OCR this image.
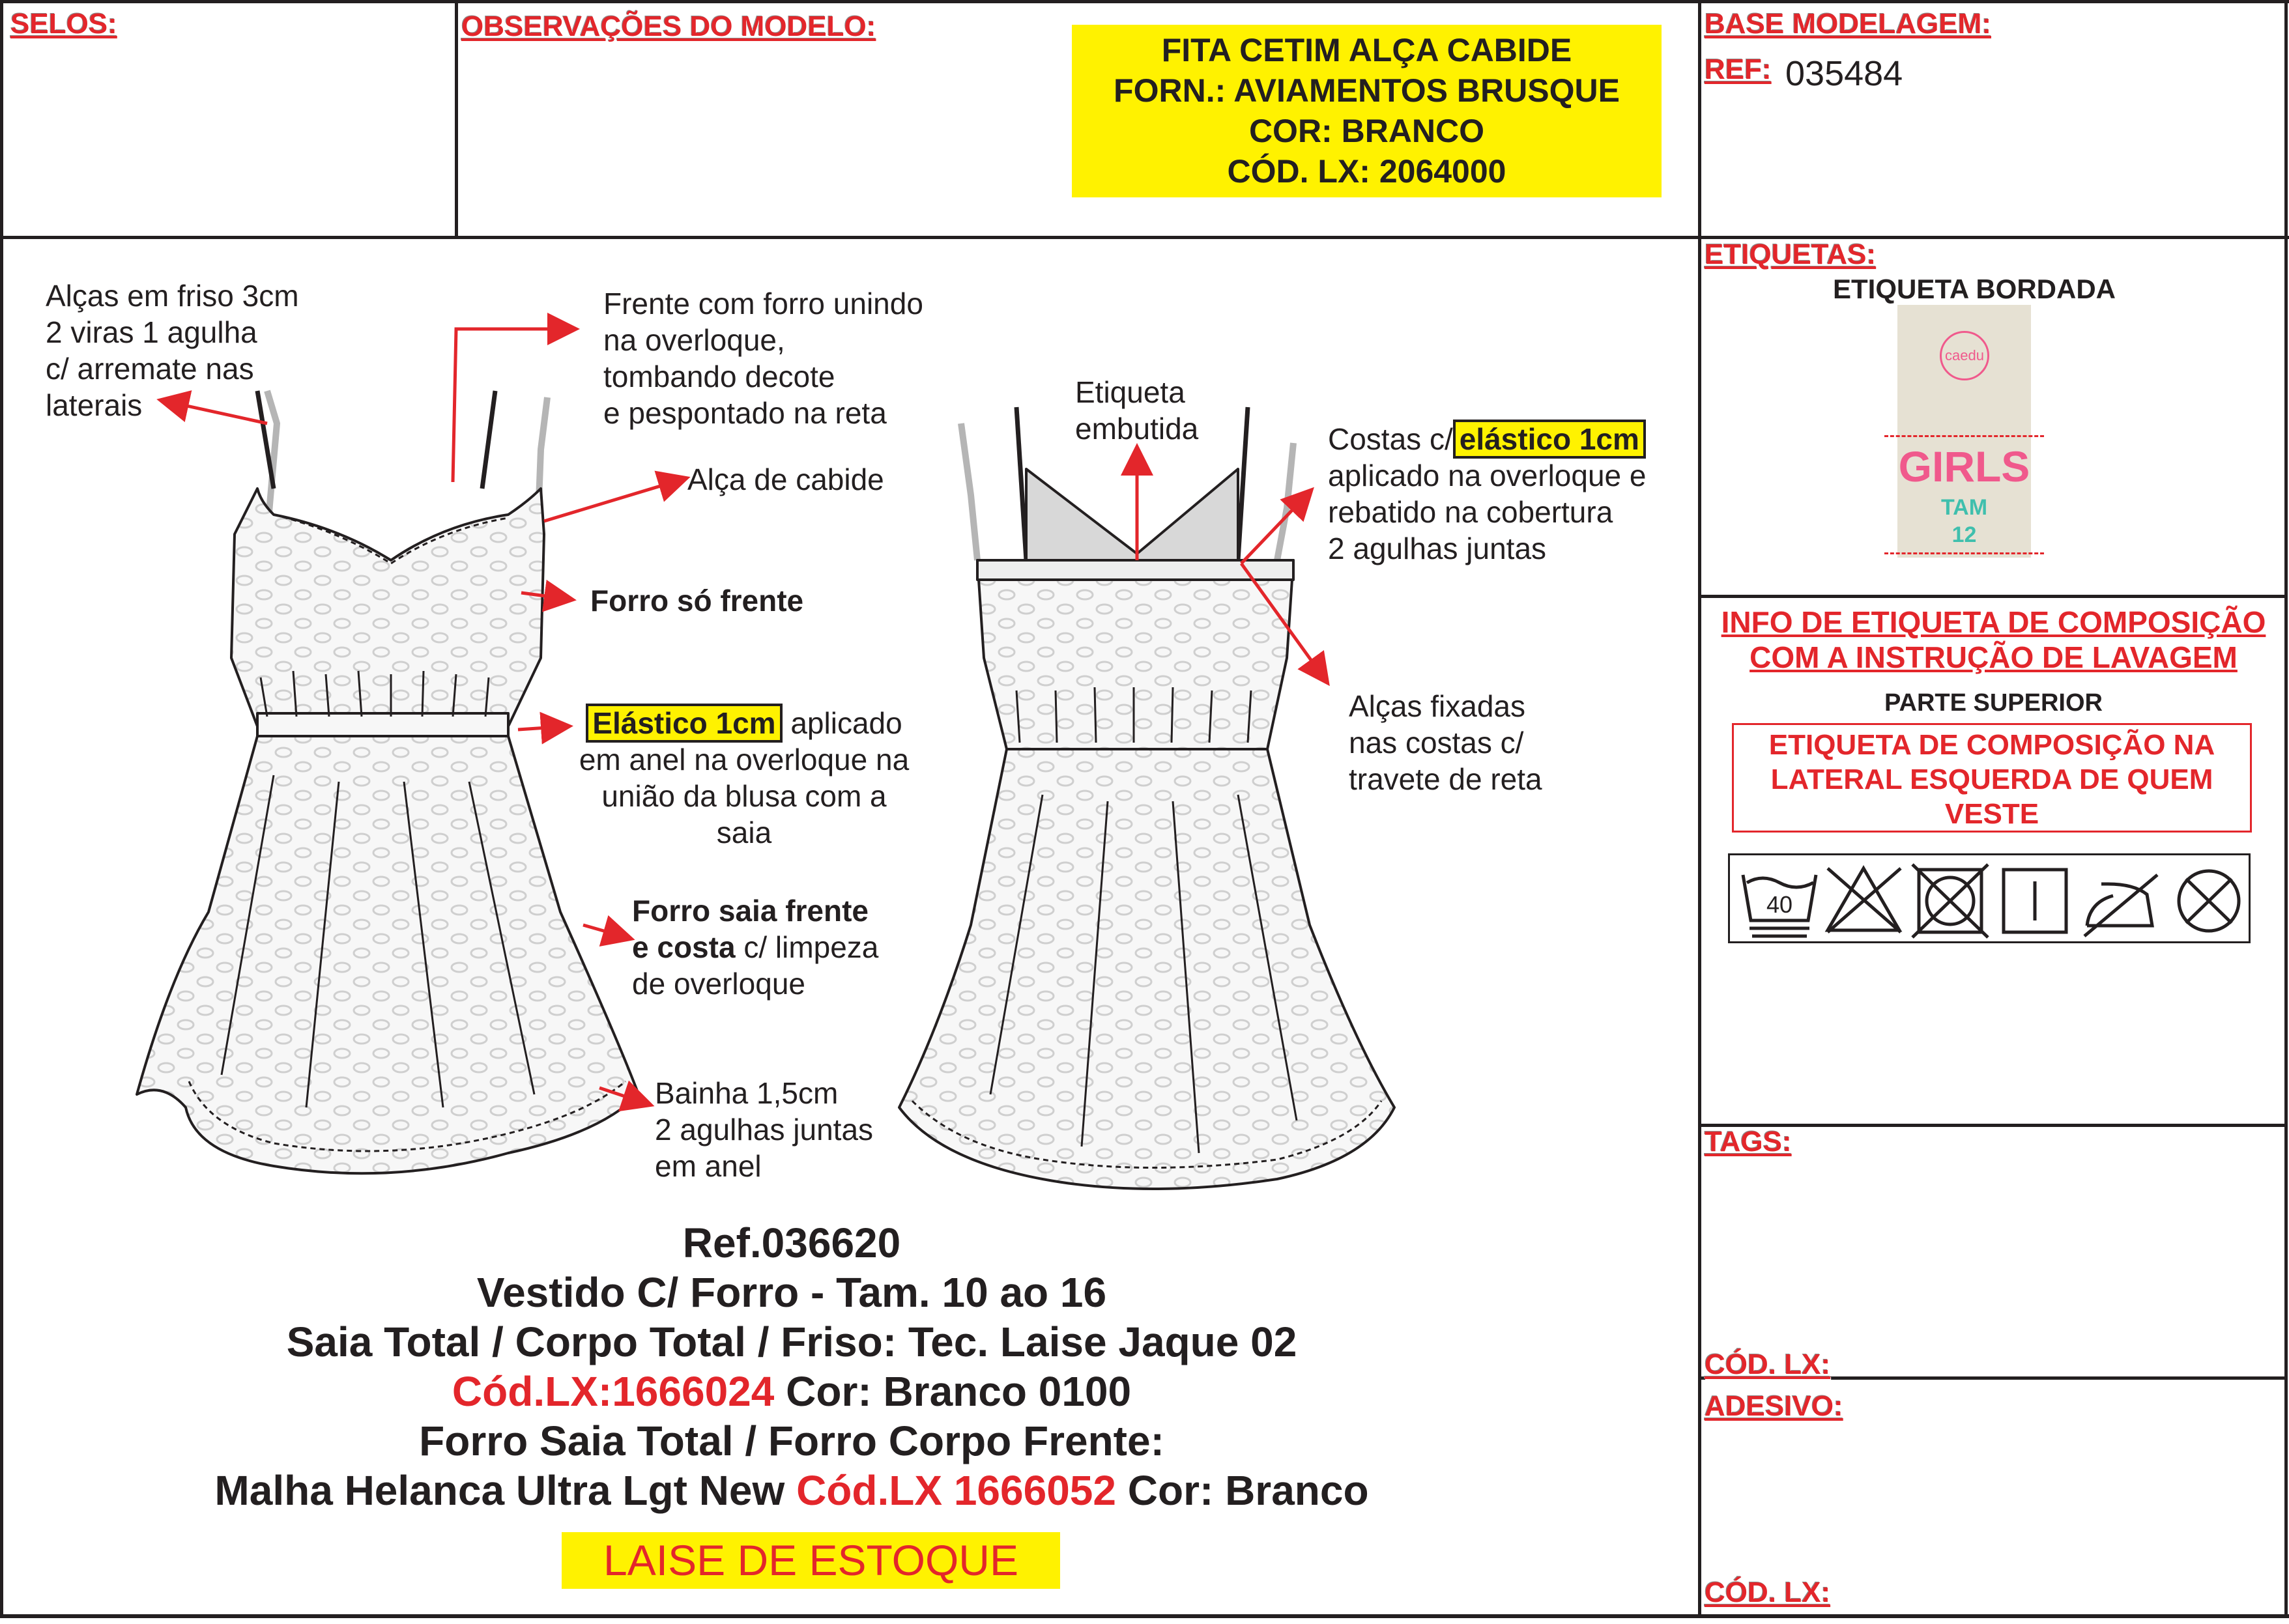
SELOS:	OBSERVAÇÕES DO MODELO:
FITA CETIM ALÇA CABIDE
FORN.: AVIAMENTOS BRUSQUE
COR: BRANCO
CÓD. LX: 2064000
BASE MODELAGEM:
REF: 035484
Alças em friso 3cm
2 viras 1 agulha
c/ arremate nas
laterais
Frente com forro unindo
na overloque,
tombando decote
e pespontado na reta
Alça de cabide
Forro só frente
Elástico 1cm aplicado
em anel na overloque na
união da blusa com a
saia
Forro saia frente
e costa c/ limpeza
de overloque
Bainha 1,5cm
2 agulhas juntas
em anel
Etiqueta
embutida	Costas c/ elástico 1cm
aplicado na overloque e
rebatido na cobertura
2 agulhas juntas
Alças fixadas
nas costas c/
travete de reta
Ref.036620
Vestido C/ Forro - Tam. 10 ao 16
Saia Total / Corpo Total / Friso: Tec. Laise Jaque 02
Cód.LX:1666024 Cor: Branco 0100
Forro Saia Total / Forro Corpo Frente:
Malha Helanca Ultra Lgt New Cód.LX 1666052 Cor: Branco
LAISE DE ESTOQUE
ETIQUETAS:
ETIQUETA BORDADA
caedu
GIRLS
TAM
12
INFO DE ETIQUETA DE COMPOSIÇÃO
COM A INSTRUÇÃO DE LAVAGEM
PARTE SUPERIOR
ETIQUETA DE COMPOSIÇÃO NA
LATERAL ESQUERDA DE QUEM
VESTE
40
TAGS:
CÓD. LX:
ADESIVO:
CÓD. LX:
